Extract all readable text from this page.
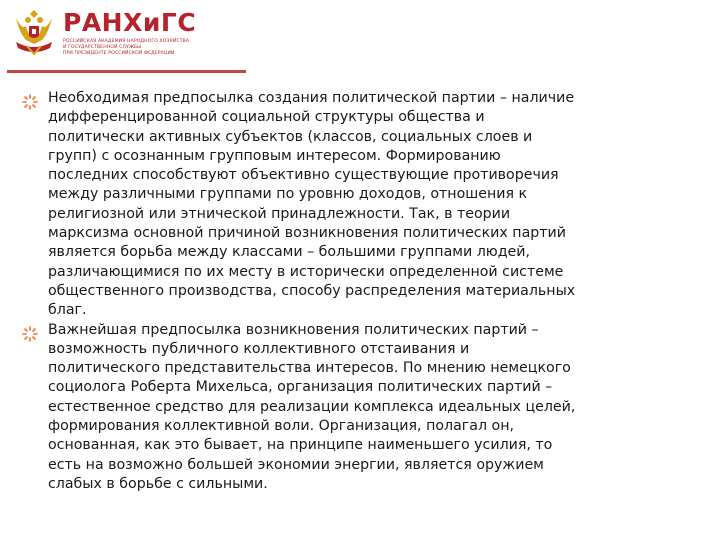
РАНХиГС
РОССИЙСКАЯ АКАДЕМИЯ НАРОДНОГО ХОЗЯЙСТВА
И ГОСУДАРСТВЕННОЙ СЛУЖБЫ
ПРИ ПРЕЗИДЕНТЕ РОССИЙСКОЙ ФЕДЕРАЦИИ

Необходимая предпосылка создания политической партии – наличие дифференцированной социальной структуры общества и политически активных субъектов (классов, социальных слоев и групп) с осознанным групповым интересом. Формированию последних способствуют объективно существующие противоречия между различными группами по уровню доходов, отношения к религиозной или этнической принадлежности. Так, в теории марксизма основной причиной возникновения политических партий является борьба между классами – большими группами людей, различающимися по их месту в исторически определенной системе общественного производства, способу распределения материальных благ.

Важнейшая предпосылка возникновения политических партий – возможность публичного коллективного отстаивания и политического представительства интересов. По мнению немецкого социолога Роберта Михельса, организация политических партий – естественное средство для реализации комплекса идеальных целей, формирования коллективной воли. Организация, полагал он, основанная, как это бывает, на принципе наименьшего усилия, то есть на возможно большей экономии энергии, является оружием слабых в борьбе с сильными.
